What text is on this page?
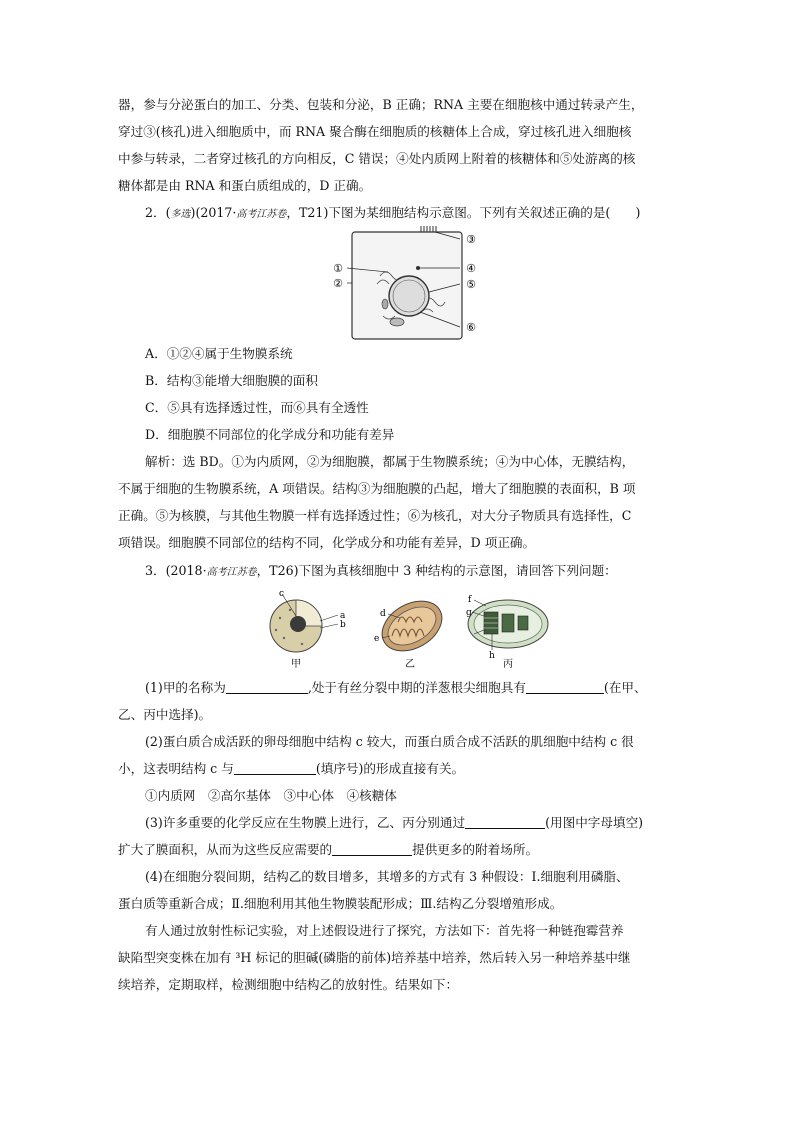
器，参与分泌蛋白的加工、分类、包装和分泌，B 正确；RNA 主要在细胞核中通过转录产生，
穿过③(核孔)进入细胞质中，而 RNA 聚合酶在细胞质的核糖体上合成，穿过核孔进入细胞核
中参与转录，二者穿过核孔的方向相反，C 错误；④处内质网上附着的核糖体和⑤处游离的核
糖体都是由 RNA 和蛋白质组成的，D 正确。
2．(多选)(2017·高考江苏卷，T21)下图为某细胞结构示意图。下列有关叙述正确的是(　　)
③
④
⑤
⑥
①
②
A．①②④属于生物膜系统
B．结构③能增大细胞膜的面积
C．⑤具有选择透过性，而⑥具有全透性
D．细胞膜不同部位的化学成分和功能有差异
解析：选 BD。①为内质网，②为细胞膜，都属于生物膜系统；④为中心体，无膜结构，
不属于细胞的生物膜系统，A 项错误。结构③为细胞膜的凸起，增大了细胞膜的表面积，B 项
正确。⑤为核膜，与其他生物膜一样有选择透过性；⑥为核孔，对大分子物质具有选择性，C
项错误。细胞膜不同部位的结构不同，化学成分和功能有差异，D 项正确。
3．(2018·高考江苏卷，T26)下图为真核细胞中 3 种结构的示意图，请回答下列问题：
c
a
b
甲
d
e
乙
f
g
h
丙
(1)甲的名称为	,处于有丝分裂中期的洋葱根尖细胞具有	(在甲、
乙、丙中选择)。
(2)蛋白质合成活跃的卵母细胞中结构 c 较大，而蛋白质合成不活跃的肌细胞中结构 c 很
小，这表明结构 c 与	(填序号)的形成直接有关。
①内质网　②高尔基体　③中心体　④核糖体
(3)许多重要的化学反应在生物膜上进行，乙、丙分别通过	(用图中字母填空)
扩大了膜面积，从而为这些反应需要的	提供更多的附着场所。
(4)在细胞分裂间期，结构乙的数目增多，其增多的方式有 3 种假设：Ⅰ.细胞利用磷脂、
蛋白质等重新合成；Ⅱ.细胞利用其他生物膜装配形成；Ⅲ.结构乙分裂增殖形成。
有人通过放射性标记实验，对上述假设进行了探究，方法如下：首先将一种链孢霉营养
缺陷型突变株在加有 ³H 标记的胆碱(磷脂的前体)培养基中培养，然后转入另一种培养基中继
续培养，定期取样，检测细胞中结构乙的放射性。结果如下：
